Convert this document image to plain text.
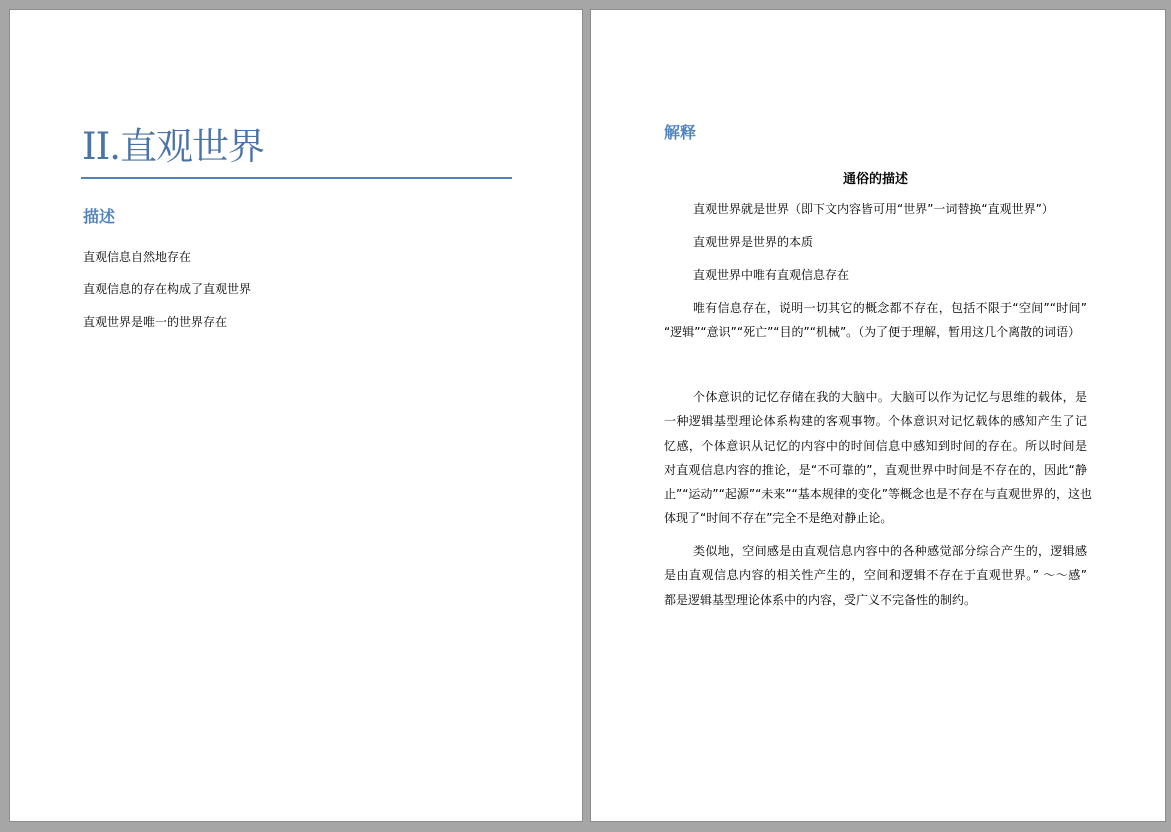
II.直观世界
描述
直观信息自然地存在
直观信息的存在构成了直观世界
直观世界是唯一的世界存在
解释
通俗的描述
直观世界就是世界（即下文内容皆可用“世界”一词替换“直观世界”）
直观世界是世界的本质
直观世界中唯有直观信息存在
唯有信息存在，说明一切其它的概念都不存在，包括不限于“空间”“时间”
“逻辑”“意识”“死亡”“目的”“机械”。（为了便于理解，暂用这几个离散的词语）
个体意识的记忆存储在我的大脑中。大脑可以作为记忆与思维的载体，是
一种逻辑基型理论体系构建的客观事物。个体意识对记忆载体的感知产生了记
忆感，个体意识从记忆的内容中的时间信息中感知到时间的存在。所以时间是
对直观信息内容的推论，是“不可靠的”，直观世界中时间是不存在的，因此“静
止”“运动”“起源”“未来”“基本规律的变化”等概念也是不存在与直观世界的，这也
体现了“时间不存在”完全不是绝对静止论。
类似地，空间感是由直观信息内容中的各种感觉部分综合产生的，逻辑感
是由直观信息内容的相关性产生的，空间和逻辑不存在于直观世界。” ～～感”
都是逻辑基型理论体系中的内容，受广义不完备性的制约。
